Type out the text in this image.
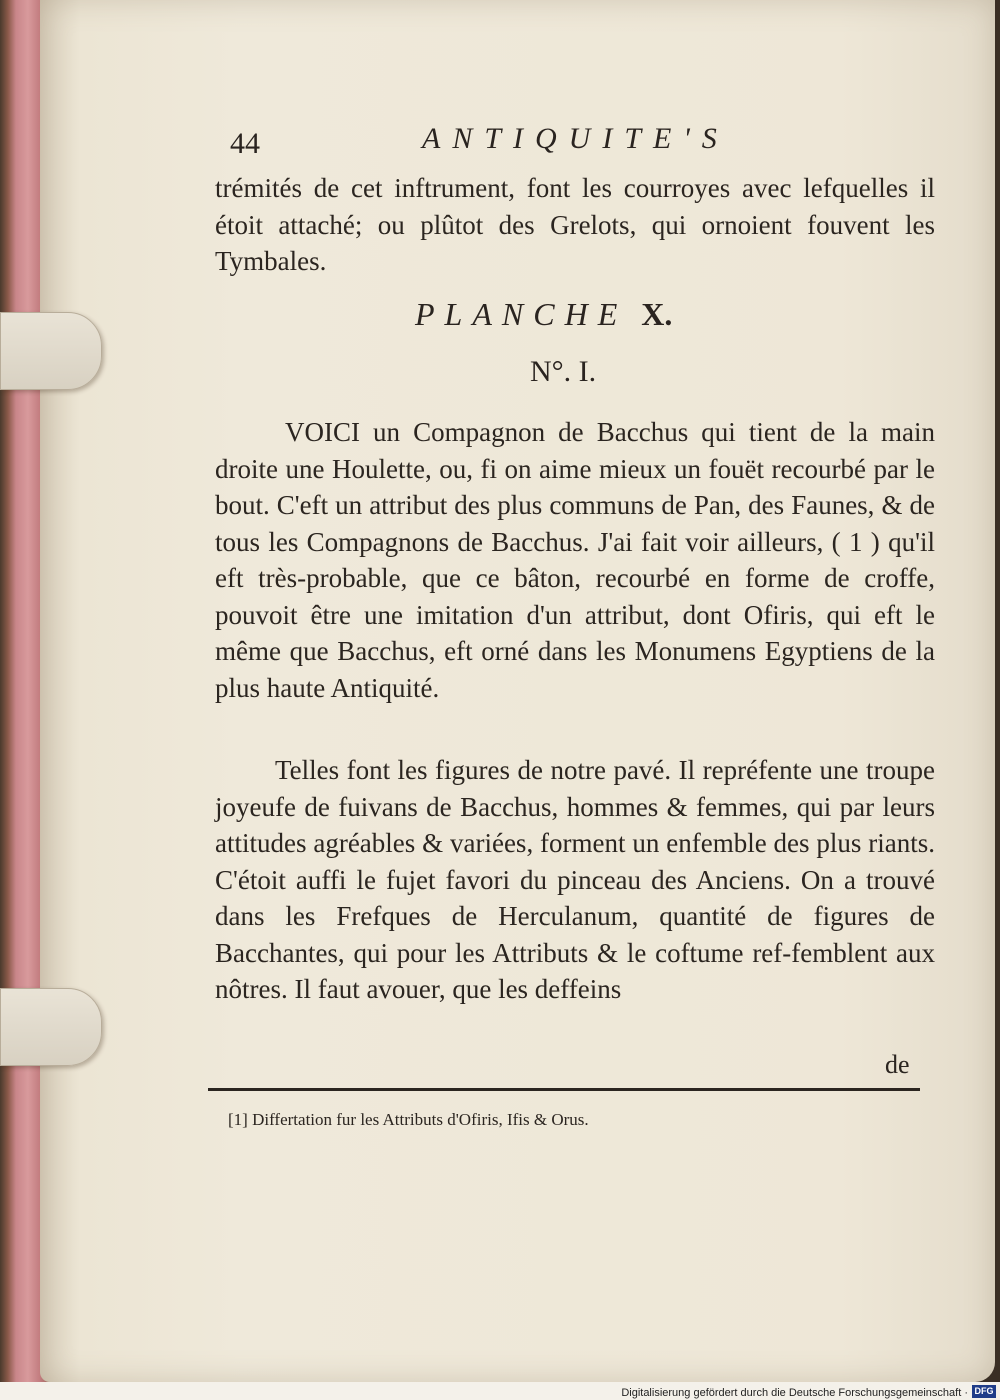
44	ANTIQUITE'S
trémités de cet inftrument, font les courroyes avec lefquelles il étoit attaché; ou plûtot des Grelots, qui ornoient fouvent les Tymbales.
PLANCHE X.
N°. I.
VOICI un Compagnon de Bacchus qui tient de la main droite une Houlette, ou, fi on aime mieux un fouët recourbé par le bout. C'eft un attribut des plus communs de Pan, des Faunes, & de tous les Compagnons de Bacchus. J'ai fait voir ailleurs, ( 1 ) qu'il eft très-probable, que ce bâton, recourbé en forme de croffe, pouvoit être une imitation d'un attribut, dont Ofiris, qui eft le même que Bacchus, eft orné dans les Monumens Egyptiens de la plus haute Antiquité.
Telles font les figures de notre pavé. Il repréfente une troupe joyeufe de fuivans de Bacchus, hommes & femmes, qui par leurs attitudes agréables & variées, forment un enfemble des plus riants. C'étoit auffi le fujet favori du pinceau des Anciens. On a trouvé dans les Frefques de Herculanum, quantité de figures de Bacchantes, qui pour les Attributs & le coftume ref-femblent aux nôtres. Il faut avouer, que les deffeins
de
[1] Differtation fur les Attributs d'Ofiris, Ifis & Orus.
Digitalisierung gefördert durch die Deutsche Forschungsgemeinschaft · DFG
